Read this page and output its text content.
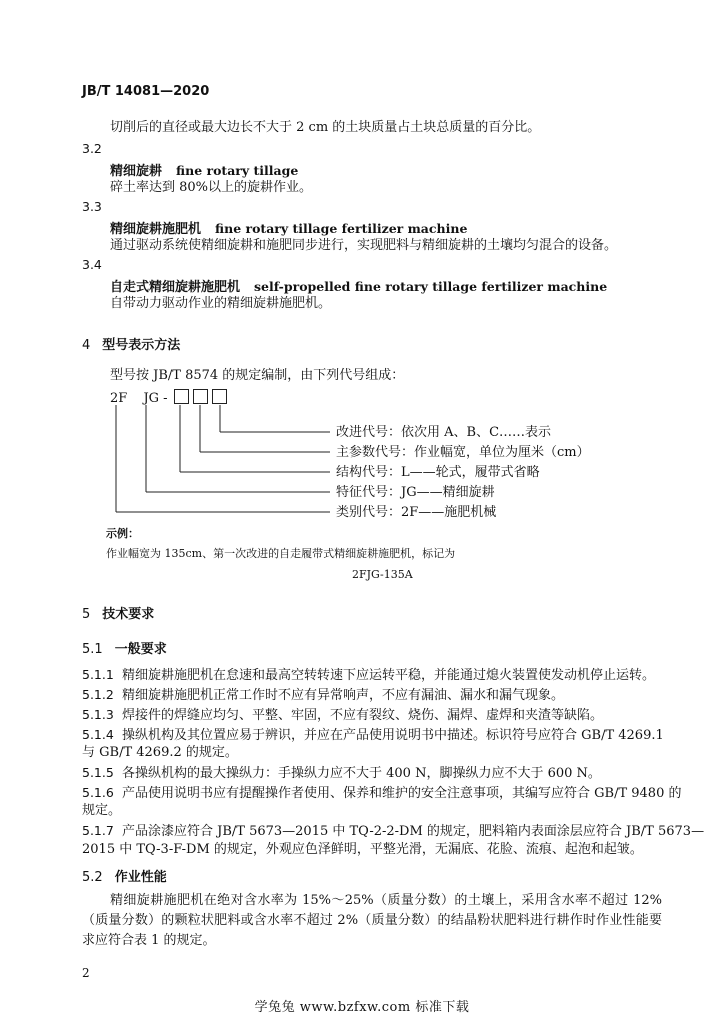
JB/T 14081—2020
切削后的直径或最大边长不大于 2 cm 的土块质量占土块总质量的百分比。
3.2
精细旋耕 fine rotary tillage
碎土率达到 80%以上的旋耕作业。
3.3
精细旋耕施肥机 fine rotary tillage fertilizer machine
通过驱动系统使精细旋耕和施肥同步进行，实现肥料与精细旋耕的土壤均匀混合的设备。
3.4
自走式精细旋耕施肥机 self-propelled fine rotary tillage fertilizer machine
自带动力驱动作业的精细旋耕施肥机。
4 型号表示方法
型号按 JB/T 8574 的规定编制，由下列代号组成：
2F JG -
改进代号：依次用 A、B、C……表示
主参数代号：作业幅宽，单位为厘米（cm）
结构代号：L——轮式，履带式省略
特征代号：JG——精细旋耕
类别代号：2F——施肥机械
示例：
作业幅宽为 135cm、第一次改进的自走履带式精细旋耕施肥机，标记为
2FJG-135A
5 技术要求
5.1 一般要求
5.1.1 精细旋耕施肥机在怠速和最高空转转速下应运转平稳，并能通过熄火装置使发动机停止运转。
5.1.2 精细旋耕施肥机正常工作时不应有异常响声，不应有漏油、漏水和漏气现象。
5.1.3 焊接件的焊缝应均匀、平整、牢固，不应有裂纹、烧伤、漏焊、虚焊和夹渣等缺陷。
5.1.4 操纵机构及其位置应易于辨识，并应在产品使用说明书中描述。标识符号应符合 GB/T 4269.1
与 GB/T 4269.2 的规定。
5.1.5 各操纵机构的最大操纵力：手操纵力应不大于 400 N，脚操纵力应不大于 600 N。
5.1.6 产品使用说明书应有提醒操作者使用、保养和维护的安全注意事项，其编写应符合 GB/T 9480 的
规定。
5.1.7 产品涂漆应符合 JB/T 5673—2015 中 TQ-2-2-DM 的规定，肥料箱内表面涂层应符合 JB/T 5673—
2015 中 TQ-3-F-DM 的规定，外观应色泽鲜明，平整光滑，无漏底、花脸、流痕、起泡和起皱。
5.2 作业性能
精细旋耕施肥机在绝对含水率为 15%～25%（质量分数）的土壤上，采用含水率不超过 12%（质量分数）的颗粒状肥料或含水率不超过 2%（质量分数）的结晶粉状肥料进行耕作时作业性能要求应符合表 1 的规定。
2
学兔兔 www.bzfxw.com 标准下载
